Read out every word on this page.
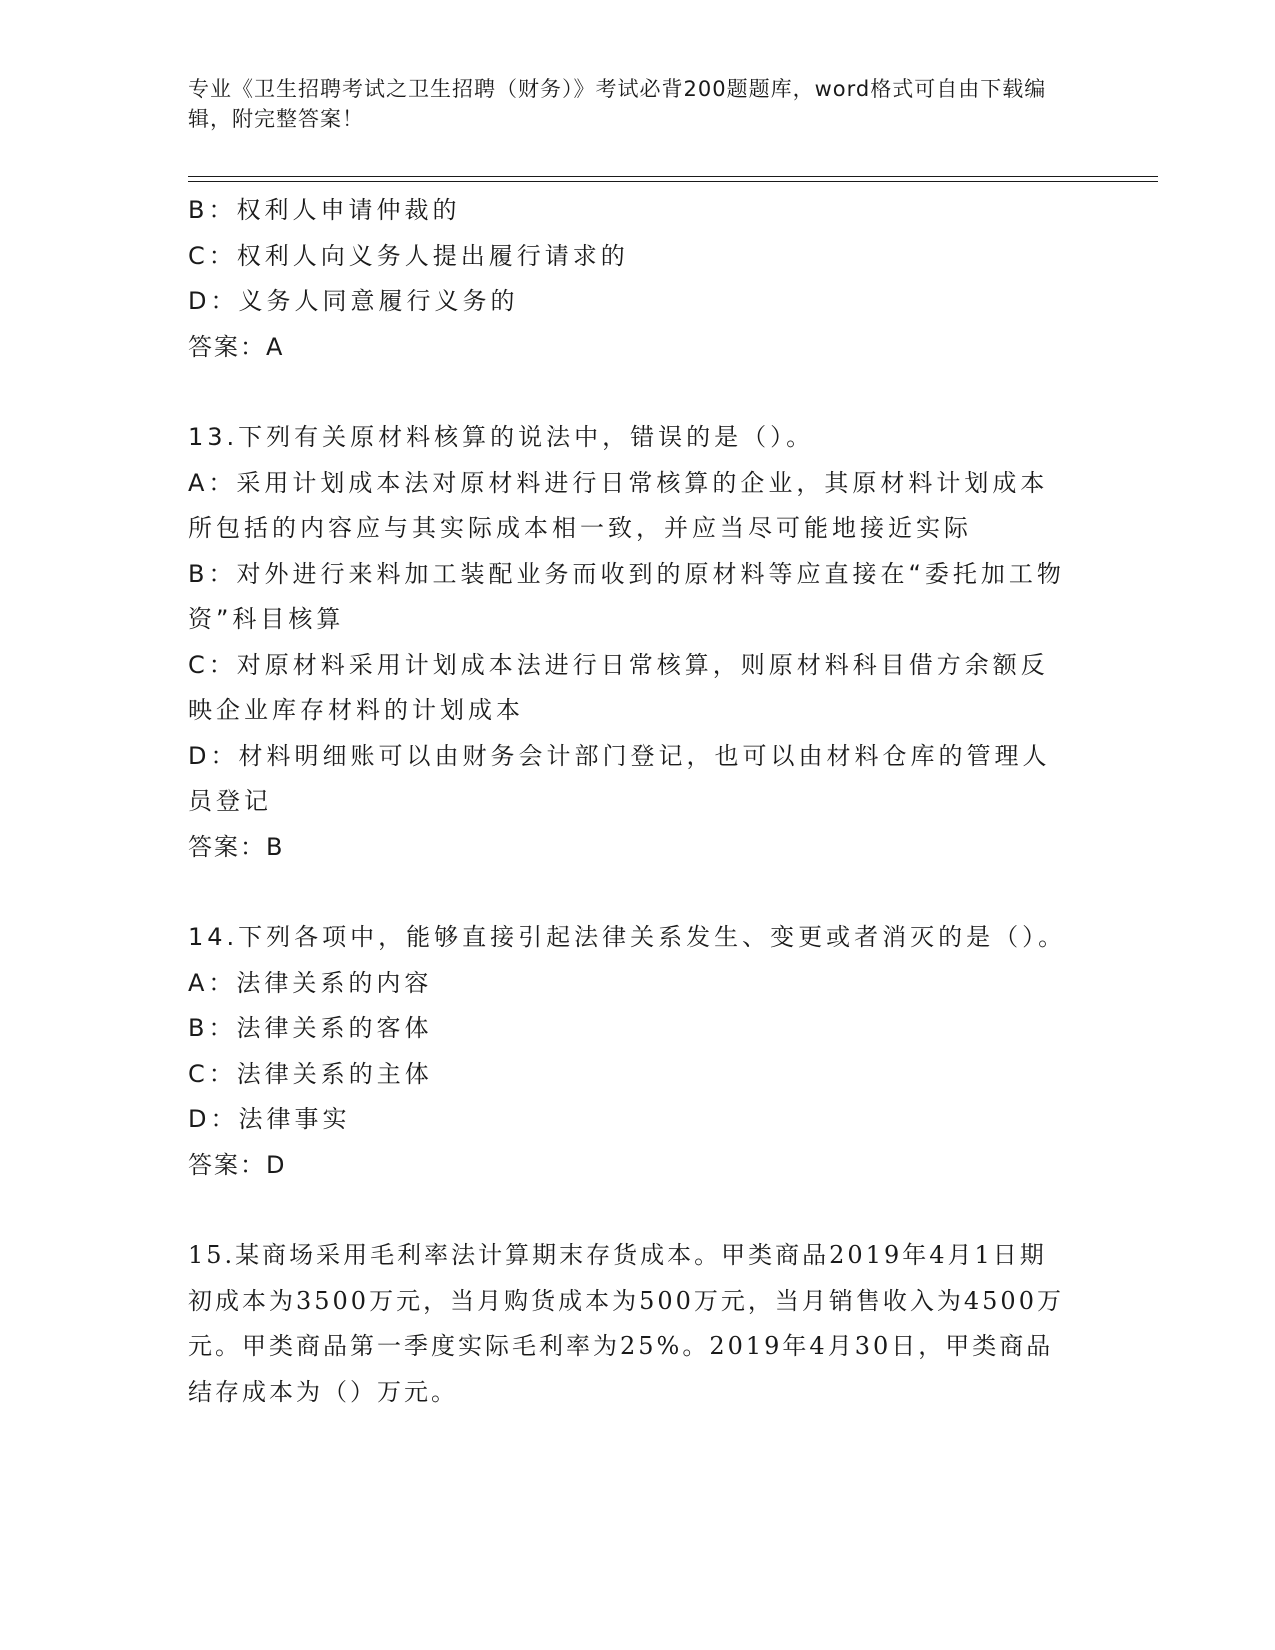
专业《卫生招聘考试之卫生招聘（财务）》考试必背200题题库，word格式可自由下载编辑，附完整答案！
B：权利人申请仲裁的
C：权利人向义务人提出履行请求的
D：义务人同意履行义务的
答案：A
13.下列有关原材料核算的说法中，错误的是（）。
A：采用计划成本法对原材料进行日常核算的企业，其原材料计划成本所包括的内容应与其实际成本相一致，并应当尽可能地接近实际
B：对外进行来料加工装配业务而收到的原材料等应直接在“委托加工物资”科目核算
C：对原材料采用计划成本法进行日常核算，则原材料科目借方余额反映企业库存材料的计划成本
D：材料明细账可以由财务会计部门登记，也可以由材料仓库的管理人员登记
答案：B
14.下列各项中，能够直接引起法律关系发生、变更或者消灭的是（）。
A：法律关系的内容
B：法律关系的客体
C：法律关系的主体
D：法律事实
答案：D
15.某商场采用毛利率法计算期末存货成本。甲类商品2019年4月1日期初成本为3500万元，当月购货成本为500万元，当月销售收入为4500万元。甲类商品第一季度实际毛利率为25%。2019年4月30日，甲类商品结存成本为（）万元。
